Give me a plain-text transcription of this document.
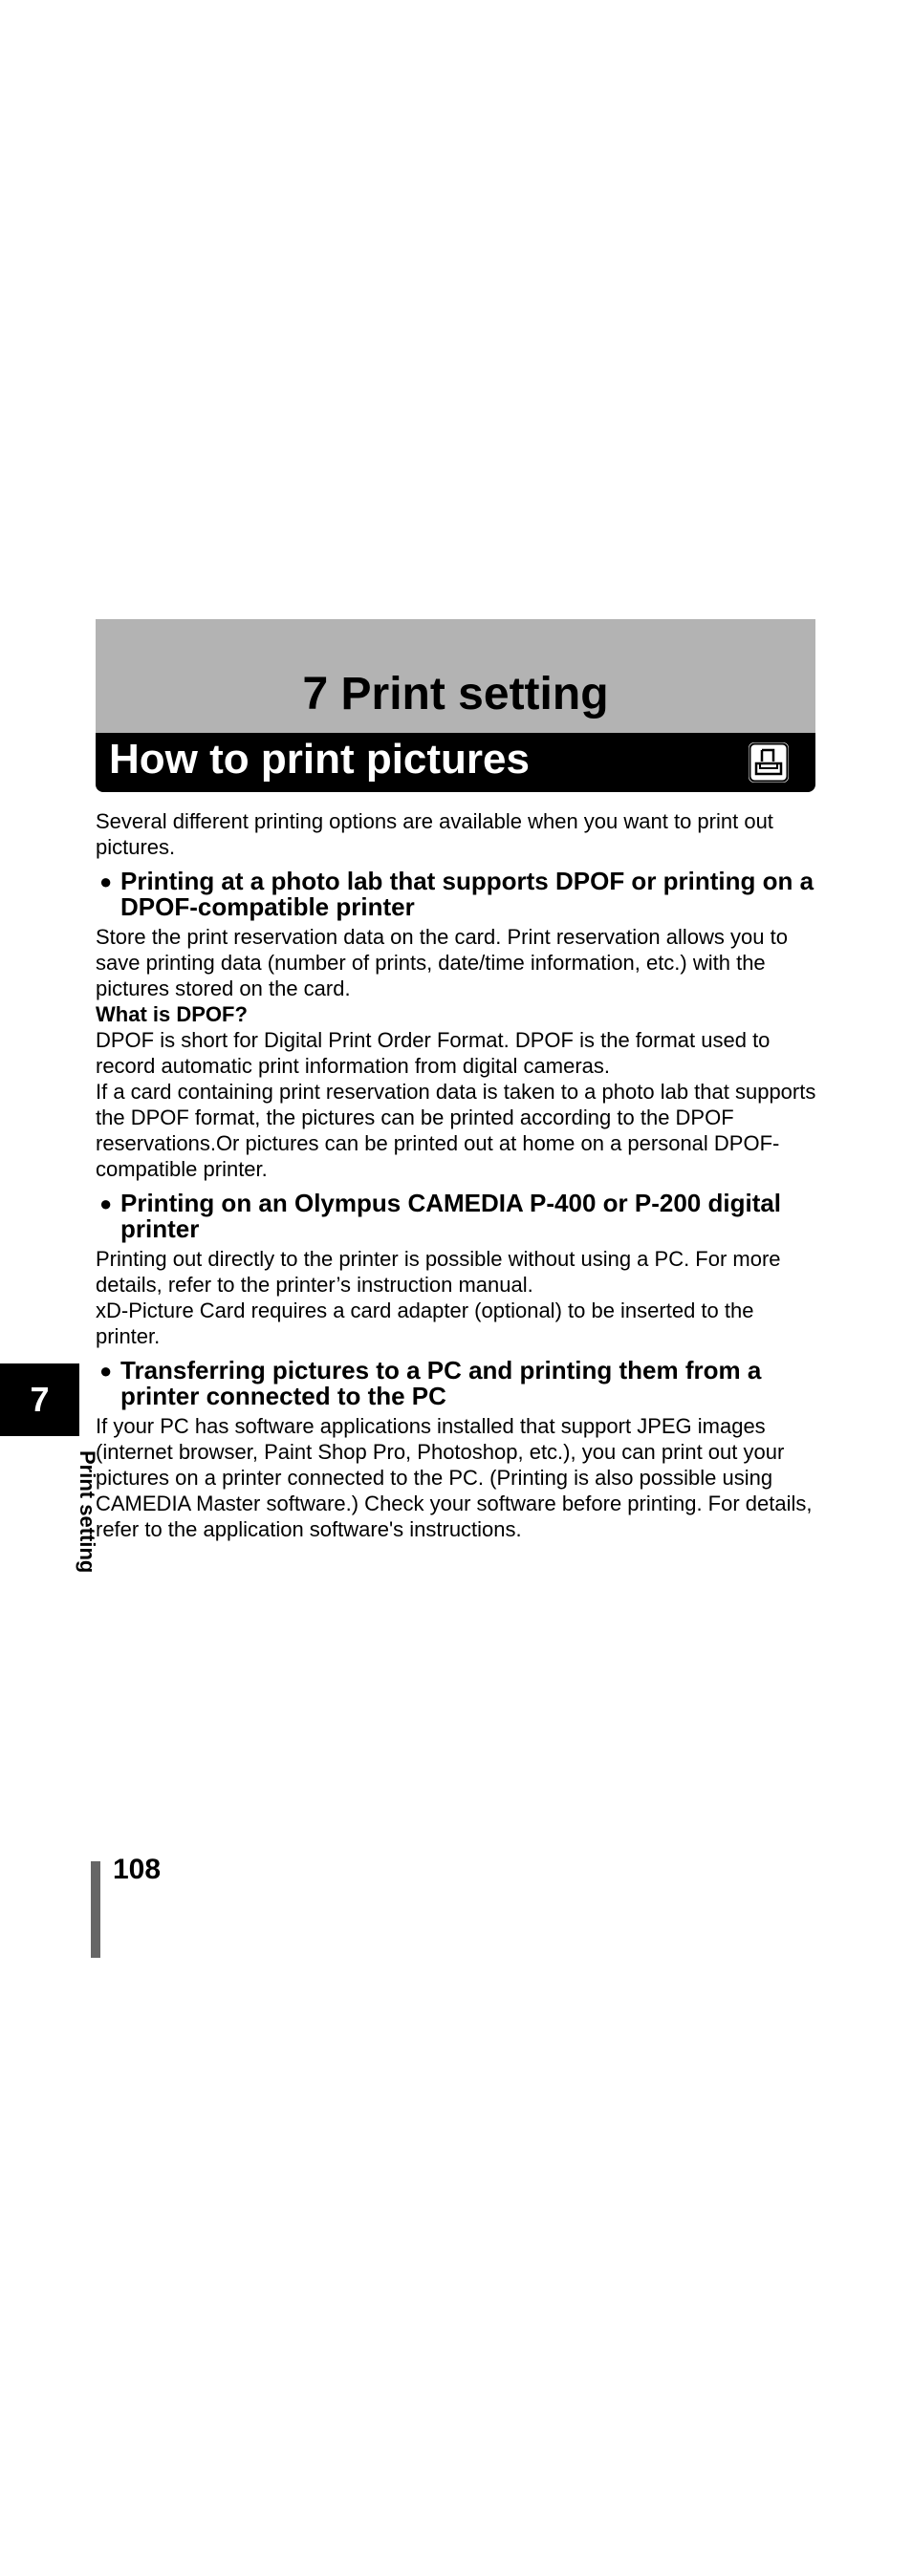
7 Print setting
How to print pictures

Several different printing options are available when you want to print out pictures.

● Printing at a photo lab that supports DPOF or printing on a DPOF-compatible printer

Store the print reservation data on the card. Print reservation allows you to save printing data (number of prints, date/time information, etc.) with the pictures stored on the card.

What is DPOF?

DPOF is short for Digital Print Order Format. DPOF is the format used to record automatic print information from digital cameras.

If a card containing print reservation data is taken to a photo lab that supports the DPOF format, the pictures can be printed according to the DPOF reservations.Or pictures can be printed out at home on a personal DPOF-compatible printer.

● Printing on an Olympus CAMEDIA P-400 or P-200 digital printer

Printing out directly to the printer is possible without using a PC. For more details, refer to the printer’s instruction manual.

xD-Picture Card requires a card adapter (optional) to be inserted to the printer.

● Transferring pictures to a PC and printing them from a printer connected to the PC

If your PC has software applications installed that support JPEG images (internet browser, Paint Shop Pro, Photoshop, etc.), you can print out your pictures on a printer connected to the PC. (Printing is also possible using CAMEDIA Master software.) Check your software before printing. For details, refer to the application software's instructions.

7
Print setting
108
